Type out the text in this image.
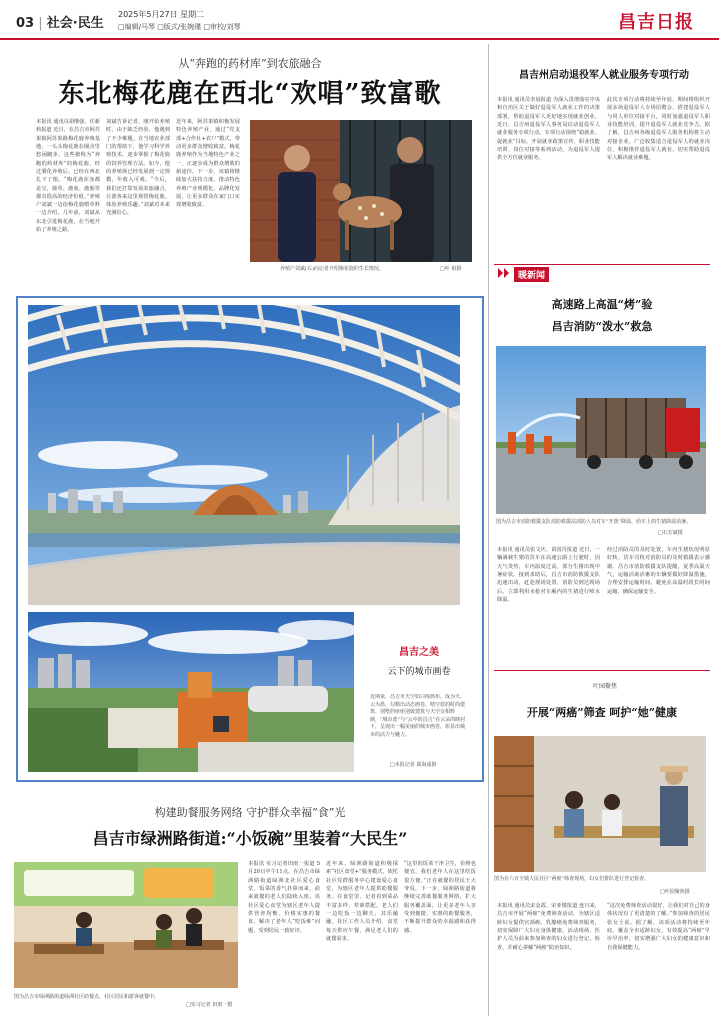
03 | 社会·民生
2025年5月27日 星期二
□编辑/马琴 □版式/张婉瑾 □审校/刘琴	昌吉日报
从“奔跑的药材库”到农旅融合
东北梅花鹿在西北“欢唱”致富歌
本报讯 通讯员胡继强、任新莉报道 近日，在昌吉市阿苏果镇阿苏果路梅花鹿养殖基地，一头头梅花鹿在圈舍里悠闲踱步。这些被称为“奔跑的药材库”的梅花鹿，经过驯化养殖后，已经在西北扎下了根。“梅花鹿浑身都是宝，鹿茸、鹿血、鹿胎等都有很高的经济价值。”养殖户刘斌一边给梅花鹿喂草料一边介绍。几年前，刘斌从东北引进梅花鹿，在当地开始了养殖之路。
刘斌告诉记者，刚开始养殖时，由于缺乏经验，他遇到了不少难题。在当地农业部门的帮助下，他学习科学养殖技术，逐步掌握了梅花鹿的饲养管理方法。如今，他的养殖场已经发展到一定规模，年收入可观。“今后，我们还打算发展农旅融合，让游客来这里观赏梅花鹿，体验养殖乐趣。”刘斌对未来充满信心。
近年来，阿苏果镇积极发展特色养殖产业，通过“党支部+合作社+农户”模式，带动更多群众增收致富。梅花鹿养殖作为当地特色产业之一，正逐步成为群众增收的新途径。下一步，该镇将继续加大扶持力度，推动特色养殖产业规模化、品牌化发展，让更多群众在家门口实现增收致富。
养殖户刘斌(右)向记者介绍梅花鹿的生长情况。	□叶 祖摄
昌吉之美
云下的城市画卷
近期来，昌吉市天空如白练画布，成为天、云为墨，勾勒出动态画卷。晴空蓝的时尚建筑、别墅的座座别致建筑与天空交相辉映，“城市蓝”与“云中的昌吉”在云朵的映衬下，呈现出一幅美丽的城市画卷，彰显出城市的活力与魅力。
□本报记者 邱海成摄
构建助餐服务网络 守护群众幸福“食”光
昌吉市绿洲路街道:“小饭碗”里装着“大民生”
图为昌吉市绿洲路街道绿洲社区助餐点，社区居民和游客就餐中。
□实习记者 田雨一摄
本报讯 实习记者田雨一报道 5月20日中午11点，在昌吉市绿洲路街道绿洲北社区爱心食堂，饭菜的香气扑鼻而来，前来就餐的老人们陆续入座。该社区爱心食堂为辖区老年人提供营养均衡、价格实惠的餐食，解决了老年人“吃饭难”问题，受到居民一致好评。
近年来，绿洲路街道积极探索“社区食堂+”服务模式，依托社区党群服务中心建设爱心食堂，为辖区老年人提供助餐服务。在食堂里，记者看到菜品丰富多样，荤素搭配，老人们一边吃饭一边聊天，其乐融融。社区工作人员介绍，食堂每天供应午餐，满足老人们的就餐需求。
“这里的饭菜干净卫生，价格也便宜，我们老年人在这里吃饭很方便。”正在就餐的居民王大爷说。下一步，绿洲路街道将继续完善助餐服务网络，扩大服务覆盖面，让更多老年人享受到便捷、实惠的助餐服务，不断提升群众的幸福感和获得感。
昌吉州启动退役军人就业服务专项行动
本报讯 通讯员李晨报道 为深入贯彻落实中央和自治区关于做好退役军人就业工作的决策部署，帮助退役军人更好地实现就业创业，近日，昌吉州退役军人事务局启动退役军人就业服务专项行动。专项行动围绕“稳就业、促就业”目标，开展就业政策宣传、职业技能培训、岗位对接等系列活动，为退役军人提供全方位就业服务。
此次专项行动将持续至年底，期间将组织开展多场退役军人专场招聘会，搭建退役军人与用人单位对接平台，同时加强退役军人职业技能培训，提升退役军人就业竞争力。据了解，昌吉州各级退役军人服务机构将主动对接企业，广泛收集适合退役军人的就业岗位，积极推荐退役军人就业，切实帮助退役军人解决就业难题。
暖新闻
高速路上高温“烤”验
昌吉消防“泼水”救急
图为昌吉市消防救援支队消防救援站消防人员对车“开泼”降温，给车上的生猪降温消暑。
□石宏斌摄
本报讯 通讯员张文庆、苗国丹报道 近日，一辆满载生猪的货车在高速公路上行驶时，因天气炎热，车内温度过高，部分生猪出现中暑症状。接到求助后，昌吉市消防救援支队迅速出动，赶赴现场处置。消防员到达现场后，立即利用水枪对车厢内的生猪进行喷水降温。
经过消防员的及时处置，车内生猪状况明显好转。货车司机对消防员的及时救援表示感谢。昌吉市消防救援支队提醒，夏季高温天气，运输活禽活畜的车辆要做好降温措施，合理安排运输时间，避免在高温时段长时间运输，确保运输安全。
叶园聚焦
开展“两癌”筛查 呵护“她”健康
图为在六百全镇人民社区“两癌”筛查现场，妇女们排队进行登记检查。
□叶园聚焦摄
本报讯 通讯员宋金霞、宋亚楼报道 连日来，昌吉市开展“两癌”免费筛查活动，为辖区适龄妇女提供宫颈癌、乳腺癌免费筛查服务，切实保障广大妇女身体健康。活动现场，医护人员为前来参加筛查的妇女进行登记、检查，并耐心讲解“两癌”防治知识。
“这次免费筛查活动很好，让我们对自己的身体状况有了更清楚的了解。”参加筛查的居民张女士说。据了解，该项活动将持续至年底，覆盖全市适龄妇女，有效提高“两癌”早诊早治率，切实增强广大妇女的健康意识和自我保健能力。
